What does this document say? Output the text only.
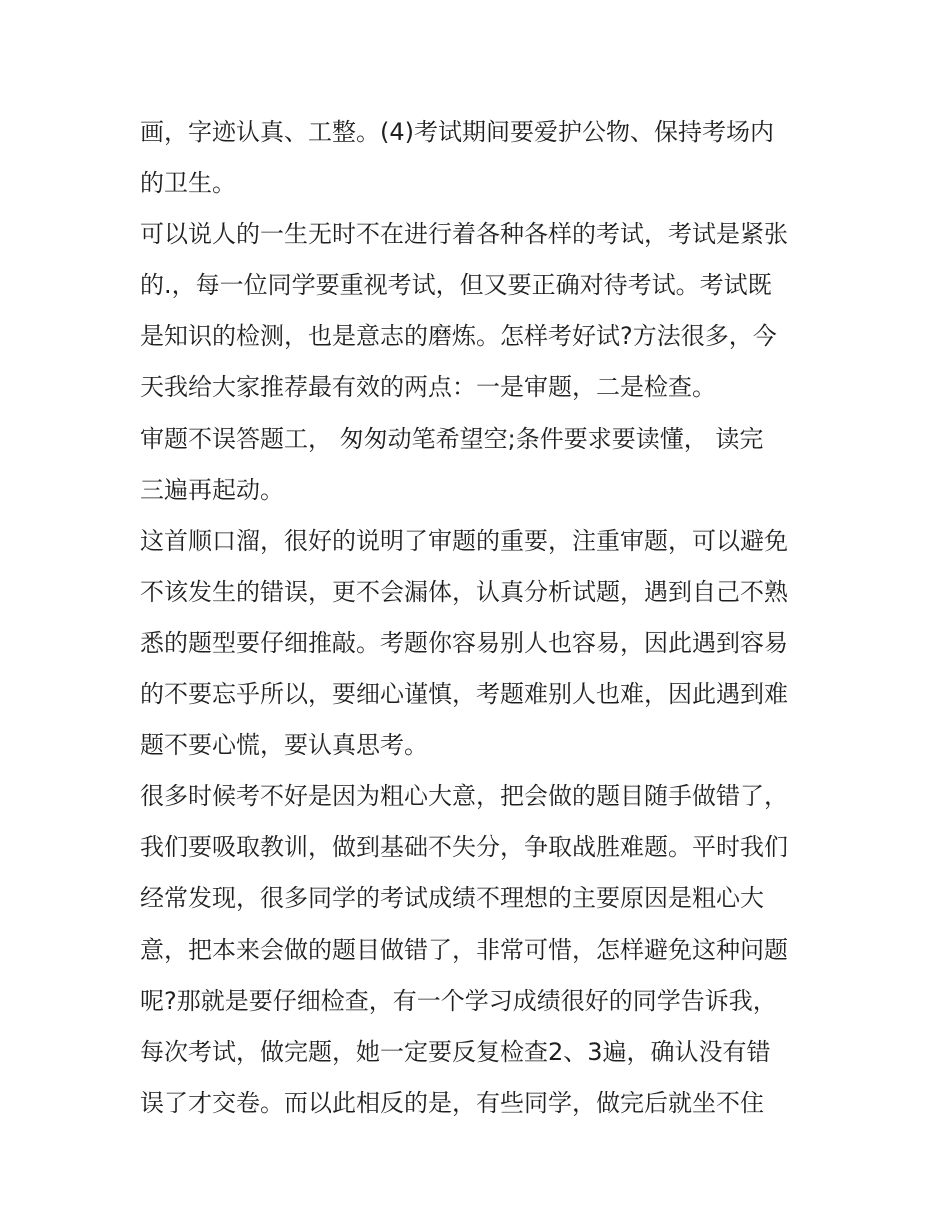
画，字迹认真、工整。(4)考试期间要爱护公物、保持考场内
的卫生。
可以说人的一生无时不在进行着各种各样的考试，考试是紧张
的.，每一位同学要重视考试，但又要正确对待考试。考试既
是知识的检测，也是意志的磨炼。怎样考好试?方法很多，今
天我给大家推荐最有效的两点：一是审题，二是检查。
审题不误答题工， 匆匆动笔希望空;条件要求要读懂， 读完
三遍再起动。
这首顺口溜，很好的说明了审题的重要，注重审题，可以避免
不该发生的错误，更不会漏体，认真分析试题，遇到自己不熟
悉的题型要仔细推敲。考题你容易别人也容易，因此遇到容易
的不要忘乎所以，要细心谨慎，考题难别人也难，因此遇到难
题不要心慌，要认真思考。
很多时候考不好是因为粗心大意，把会做的题目随手做错了，
我们要吸取教训，做到基础不失分，争取战胜难题。平时我们
经常发现，很多同学的考试成绩不理想的主要原因是粗心大
意，把本来会做的题目做错了，非常可惜，怎样避免这种问题
呢?那就是要仔细检查，有一个学习成绩很好的同学告诉我，
每次考试，做完题，她一定要反复检查2、3遍，确认没有错
误了才交卷。而以此相反的是，有些同学，做完后就坐不住
